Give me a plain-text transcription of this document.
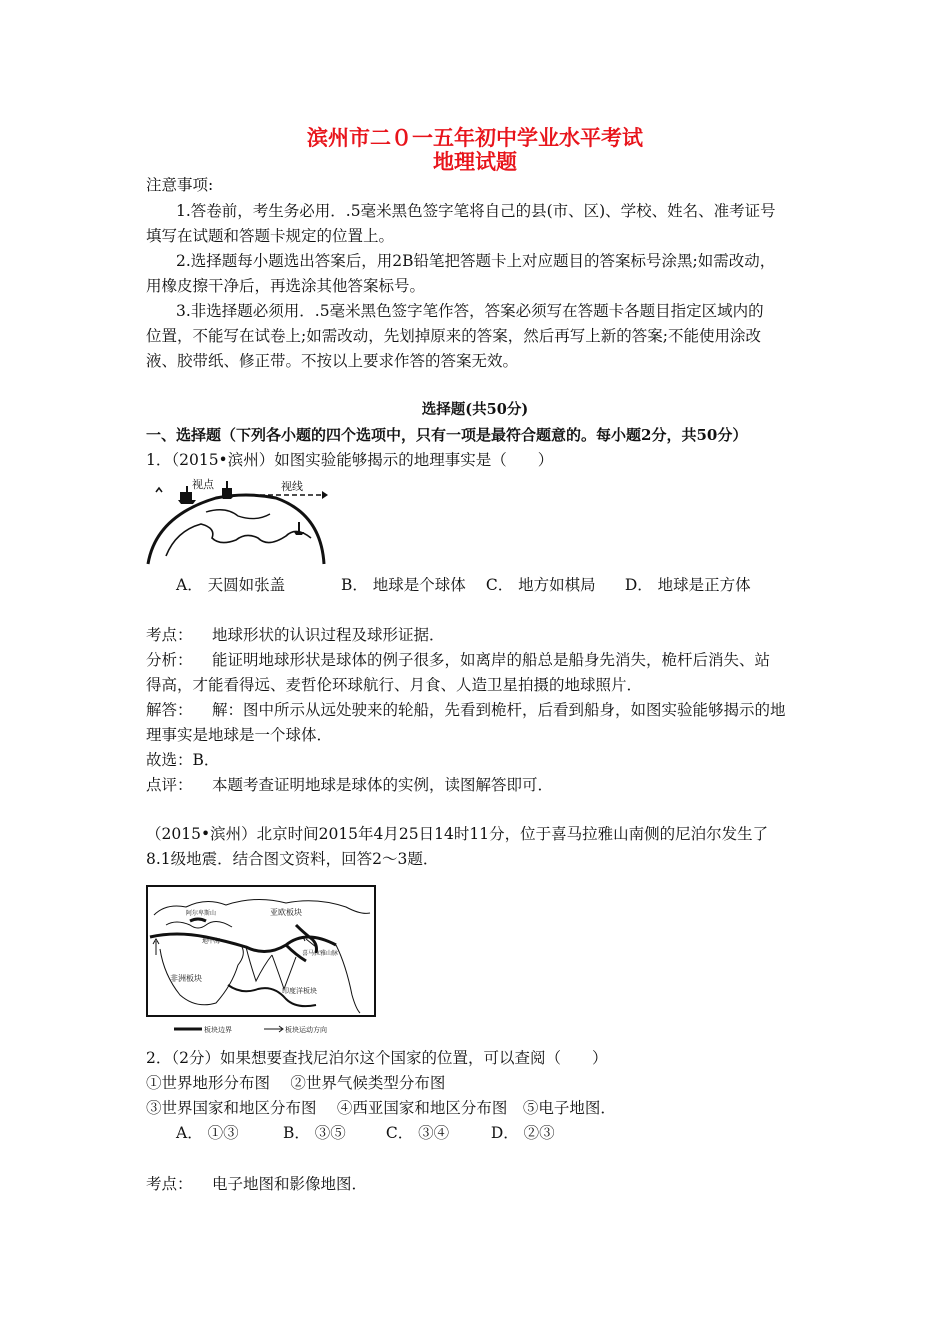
滨州市二０一五年初中学业水平考试
地理试题
注意事项:
1.答卷前，考生务必用．.5毫米黑色签字笔将自己的县(市、区)、学校、姓名、准考证号
填写在试题和答题卡规定的位置上。
2.选择题每小题选出答案后，用2B铅笔把答题卡上对应题目的答案标号涂黑;如需改动，
用橡皮擦干净后，再选涂其他答案标号。
3.非选择题必须用．.5毫米黑色签字笔作答，答案必须写在答题卡各题目指定区域内的
位置，不能写在试卷上;如需改动，先划掉原来的答案，然后再写上新的答案;不能使用涂改
液、胶带纸、修正带。不按以上要求作答的答案无效。
选择题(共50分)
一、选择题（下列各小题的四个选项中，只有一项是最符合题意的。每小题2分，共50分）
1．（2015•滨州）如图实验能够揭示的地理事实是（　　）
视点	视线
A． 天圆如张盖	B． 地球是个球体 C． 地方如棋局 D． 地球是正方体
考点： 地球形状的认识过程及球形证据．
分析： 能证明地球形状是球体的例子很多，如离岸的船总是船身先消失，桅杆后消失、站
得高，才能看得远、麦哲伦环球航行、月食、人造卫星拍摄的地球照片．
解答： 解：图中所示从远处驶来的轮船，先看到桅杆，后看到船身，如图实验能够揭示的地
理事实是地球是一个球体．
故选：B．
点评： 本题考查证明地球是球体的实例，读图解答即可．
（2015•滨州）北京时间2015年4月25日14时11分，位于喜马拉雅山南侧的尼泊尔发生了
8.1级地震．结合图文资料，回答2～3题．
亚欧板块
非洲板块
印度洋板块
阿尔卑斯山
喜马拉雅山脉
地中海
板块边界	板块运动方向
2．（2分）如果想要查找尼泊尔这个国家的位置，可以查阅（　　）
①世界地形分布图　 ②世界气候类型分布图
③世界国家和地区分布图　 ④西亚国家和地区分布图　⑤电子地图．
A． ①③	B． ③⑤	C． ③④	D． ②③
考点： 电子地图和影像地图．
